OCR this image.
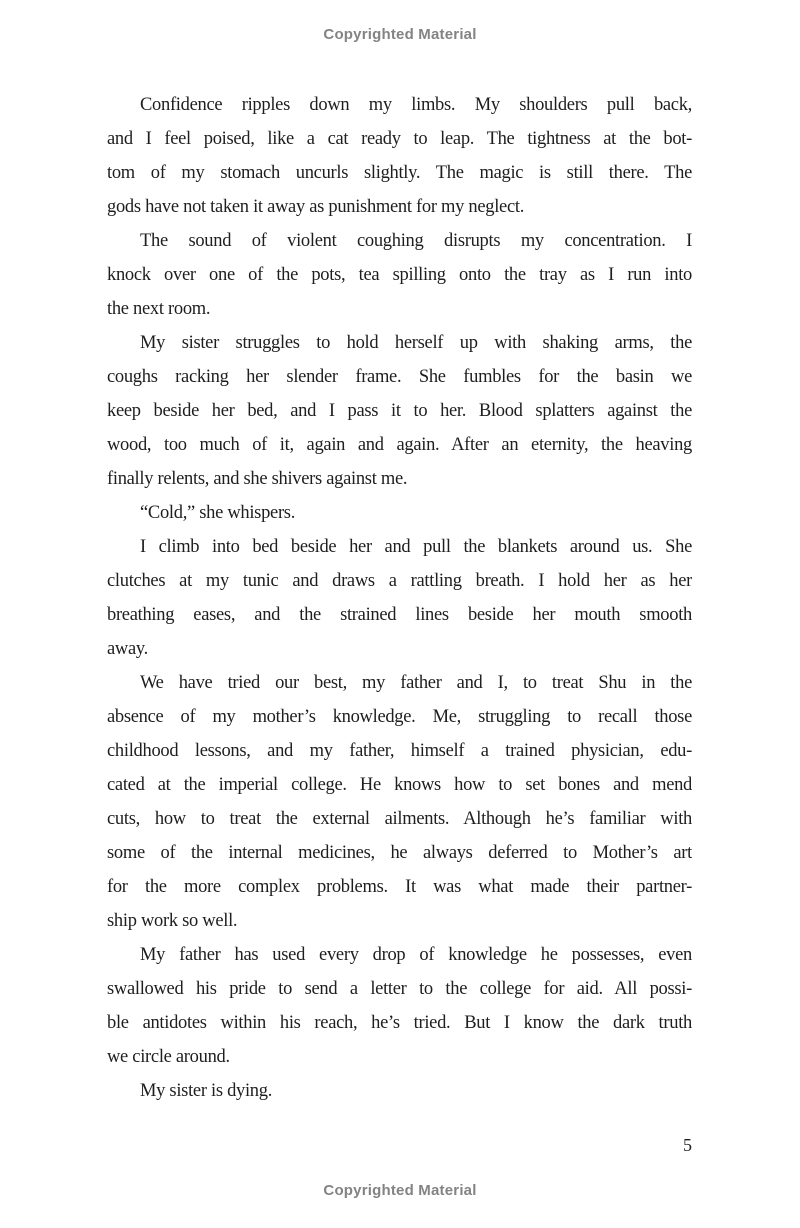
Copyrighted Material

Confidence ripples down my limbs. My shoulders pull back,
and I feel poised, like a cat ready to leap. The tightness at the bot-
tom of my stomach uncurls slightly. The magic is still there. The
gods have not taken it away as punishment for my neglect.

The sound of violent coughing disrupts my concentration. I
knock over one of the pots, tea spilling onto the tray as I run into
the next room.

My sister struggles to hold herself up with shaking arms, the
coughs racking her slender frame. She fumbles for the basin we
keep beside her bed, and I pass it to her. Blood splatters against the
wood, too much of it, again and again. After an eternity, the heaving
finally relents, and she shivers against me.

“Cold,” she whispers.

I climb into bed beside her and pull the blankets around us. She
clutches at my tunic and draws a rattling breath. I hold her as her
breathing eases, and the strained lines beside her mouth smooth
away.

We have tried our best, my father and I, to treat Shu in the
absence of my mother’s knowledge. Me, struggling to recall those
childhood lessons, and my father, himself a trained physician, edu-
cated at the imperial college. He knows how to set bones and mend
cuts, how to treat the external ailments. Although he’s familiar with
some of the internal medicines, he always deferred to Mother’s art
for the more complex problems. It was what made their partner-
ship work so well.

My father has used every drop of knowledge he possesses, even
swallowed his pride to send a letter to the college for aid. All possi-
ble antidotes within his reach, he’s tried. But I know the dark truth
we circle around.

My sister is dying.

5
Copyrighted Material
